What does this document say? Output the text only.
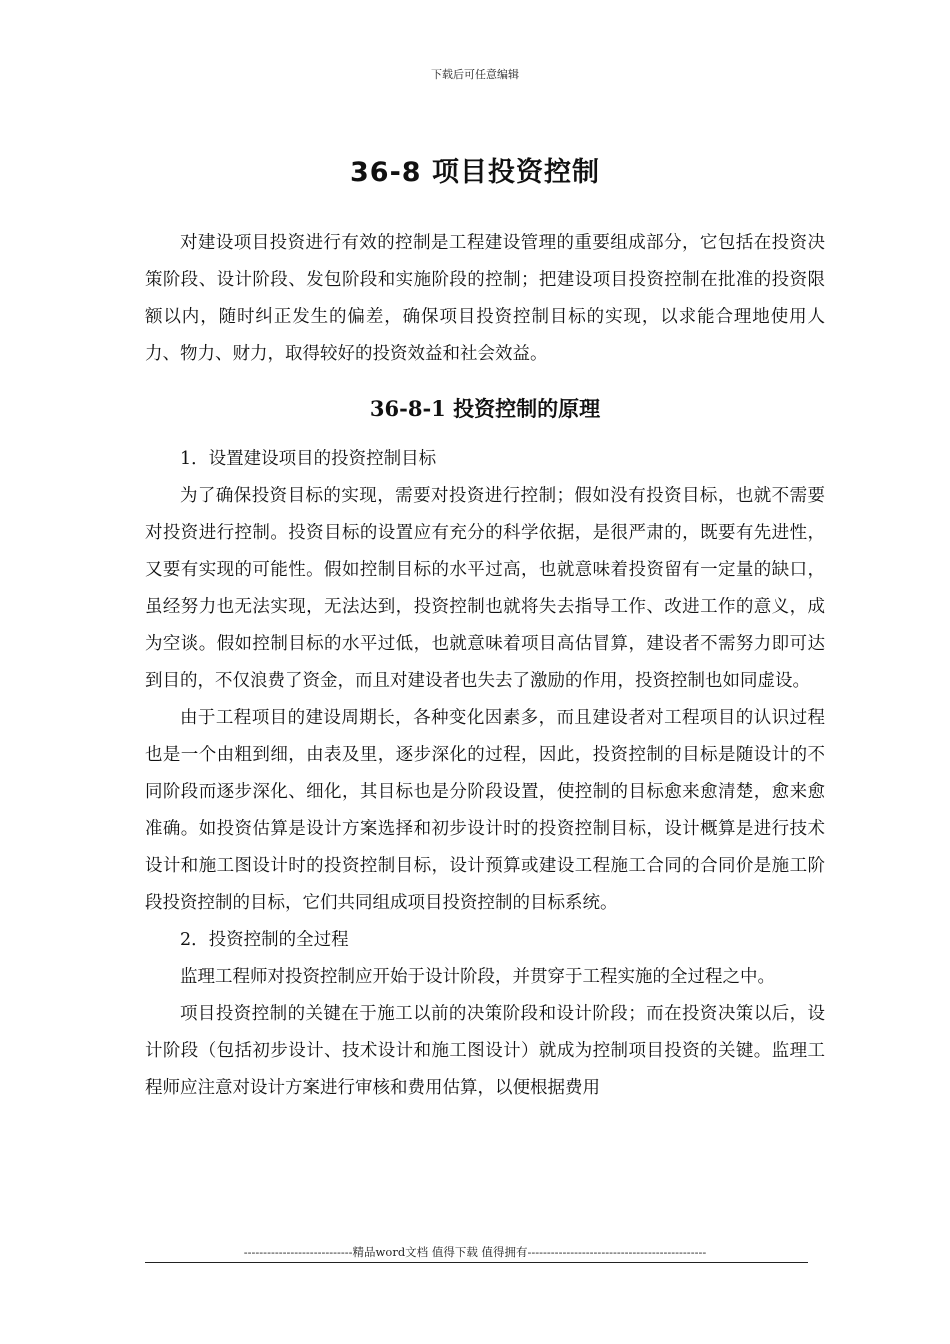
下载后可任意编辑
36-8 项目投资控制

对建设项目投资进行有效的控制是工程建设管理的重要组成部分，它包括在投资决策阶段、设计阶段、发包阶段和实施阶段的控制；把建设项目投资控制在批准的投资限额以内，随时纠正发生的偏差，确保项目投资控制目标的实现，以求能合理地使用人力、物力、财力，取得较好的投资效益和社会效益。

36-8-1 投资控制的原理

1．设置建设项目的投资控制目标

为了确保投资目标的实现，需要对投资进行控制；假如没有投资目标，也就不需要对投资进行控制。投资目标的设置应有充分的科学依据，是很严肃的，既要有先进性，又要有实现的可能性。假如控制目标的水平过高，也就意味着投资留有一定量的缺口，虽经努力也无法实现，无法达到，投资控制也就将失去指导工作、改进工作的意义，成为空谈。假如控制目标的水平过低，也就意味着项目高估冒算，建设者不需努力即可达到目的，不仅浪费了资金，而且对建设者也失去了激励的作用，投资控制也如同虚设。

由于工程项目的建设周期长，各种变化因素多，而且建设者对工程项目的认识过程也是一个由粗到细，由表及里，逐步深化的过程，因此，投资控制的目标是随设计的不同阶段而逐步深化、细化，其目标也是分阶段设置，使控制的目标愈来愈清楚，愈来愈准确。如投资估算是设计方案选择和初步设计时的投资控制目标，设计概算是进行技术设计和施工图设计时的投资控制目标，设计预算或建设工程施工合同的合同价是施工阶段投资控制的目标，它们共同组成项目投资控制的目标系统。

2．投资控制的全过程

监理工程师对投资控制应开始于设计阶段，并贯穿于工程实施的全过程之中。

项目投资控制的关键在于施工以前的决策阶段和设计阶段；而在投资决策以后，设计阶段（包括初步设计、技术设计和施工图设计）就成为控制项目投资的关键。监理工程师应注意对设计方案进行审核和费用估算，以便根据费用

----------------------------精品word文档 值得下载 值得拥有----------------------------------------------
